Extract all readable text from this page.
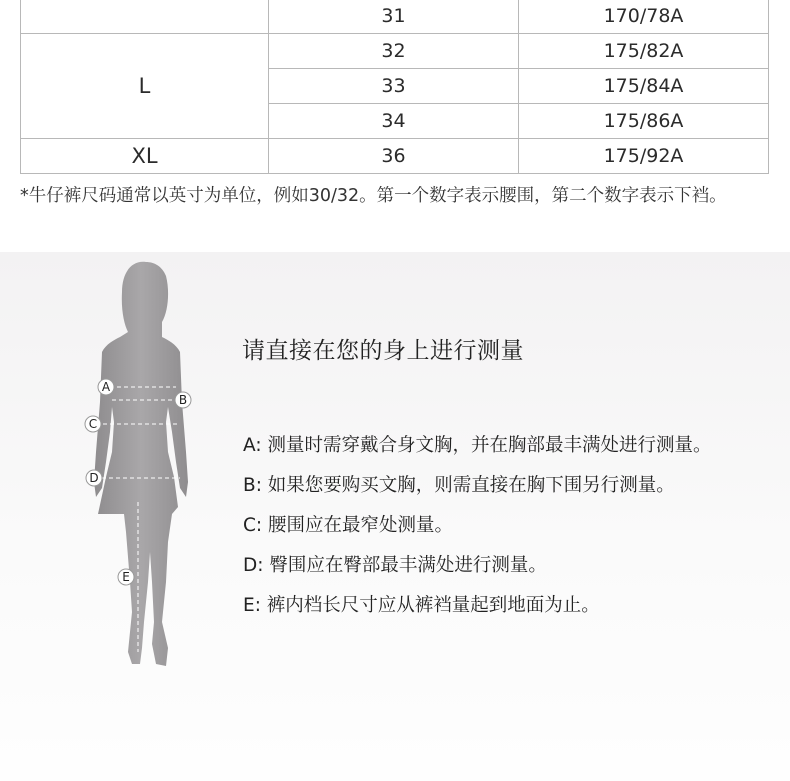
	31	170/78A
L	32	175/82A
	33	175/84A
	34	175/86A
XL	36	175/92A
*牛仔裤尺码通常以英寸为单位，例如30/32。第一个数字表示腰围，第二个数字表示下裆。
A
B
C
D
E
请直接在您的身上进行测量
A: 测量时需穿戴合身文胸，并在胸部最丰满处进行测量。
B: 如果您要购买文胸，则需直接在胸下围另行测量。
C: 腰围应在最窄处测量。
D: 臀围应在臀部最丰满处进行测量。
E: 裤内档长尺寸应从裤裆量起到地面为止。
